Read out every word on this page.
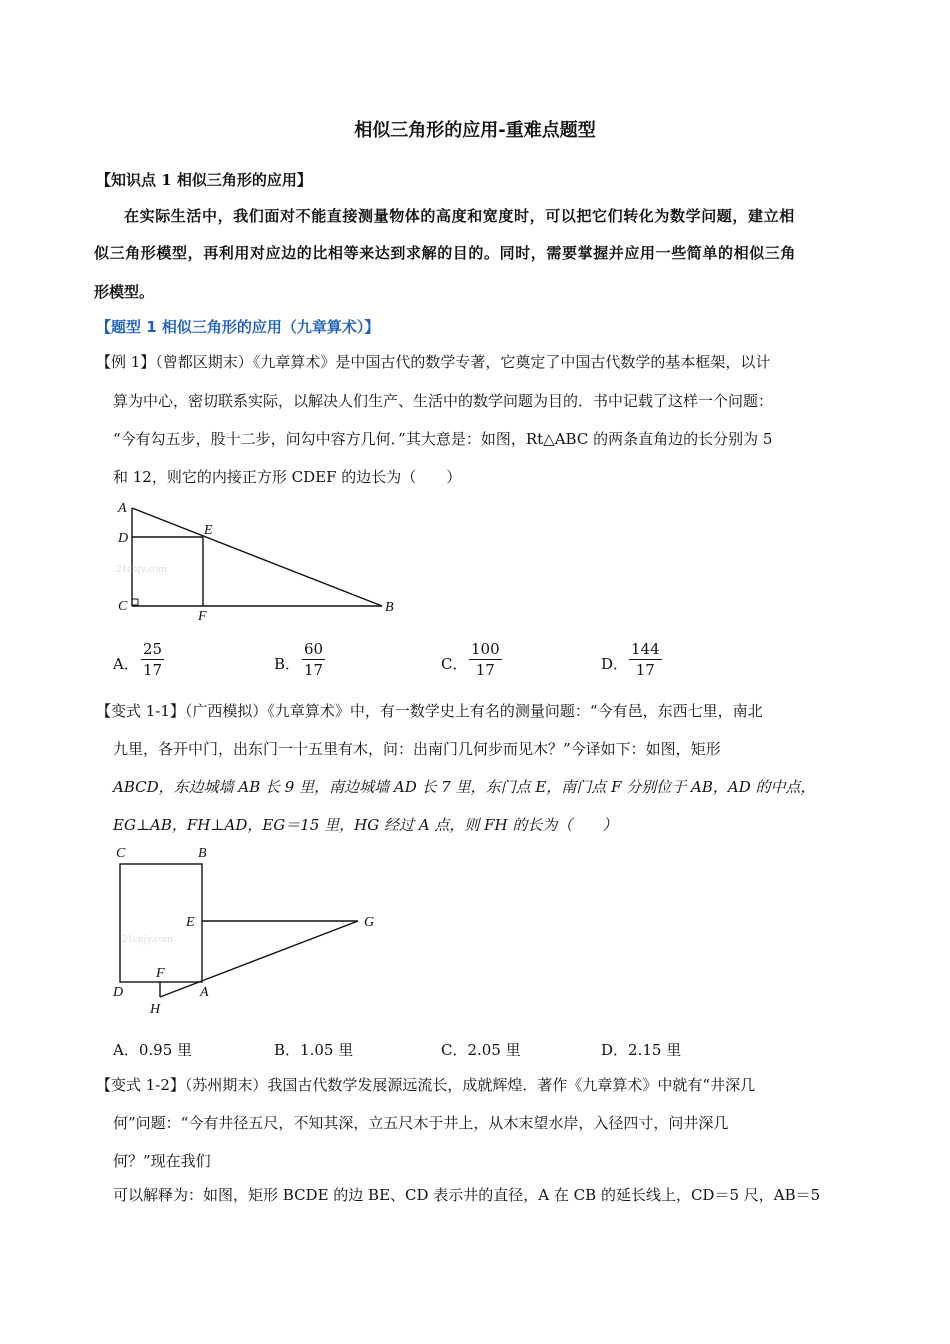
相似三角形的应用-重难点题型
【知识点 1 相似三角形的应用】
在实际生活中，我们面对不能直接测量物体的高度和宽度时，可以把它们转化为数学问题，建立相
似三角形模型，再利用对应边的比相等来达到求解的目的。同时，需要掌握并应用一些简单的相似三角
形模型。
【题型 1 相似三角形的应用（九章算术）】
【例 1】（曾都区期末）《九章算术》是中国古代的数学专著，它奠定了中国古代数学的基本框架，以计
算为中心，密切联系实际，以解决人们生产、生活中的数学问题为目的．书中记载了这样一个问题：
“今有勾五步，股十二步，问勾中容方几何．”其大意是：如图，Rt△ABC 的两条直角边的长分别为 5
和 12，则它的内接正方形 CDEF 的边长为（　　）
A
D
E
C
F
B
21cnjy.com
A． $\frac{25}{17}$	B． $\frac{60}{17}$	C． $\frac{100}{17}$	D． $\frac{144}{17}$
【变式 1-1】（广西模拟）《九章算术》中，有一数学史上有名的测量问题：“今有邑，东西七里，南北
九里，各开中门，出东门一十五里有木，问：出南门几何步而见木？”今译如下：如图，矩形
ABCD，东边城墙 AB 长 9 里，南边城墙 AD 长 7 里，东门点 E，南门点 F 分别位于 AB，AD 的中点，
EG⊥AB，FH⊥AD，EG＝15 里，HG 经过 A 点，则 FH 的长为（　　）
C	B
E	G
F
D	A
H
21cnjy.com
A．0.95 里	B．1.05 里	C．2.05 里	D．2.15 里
【变式 1-2】（苏州期末）我国古代数学发展源远流长，成就辉煌．著作《九章算术》中就有“井深几
何”问题：“今有井径五尺，不知其深，立五尺木于井上，从木末望水岸，入径四寸，问井深几
何？”现在我们
可以解释为：如图，矩形 BCDE 的边 BE、CD 表示井的直径，A 在 CB 的延长线上，CD＝5 尺，AB＝5
